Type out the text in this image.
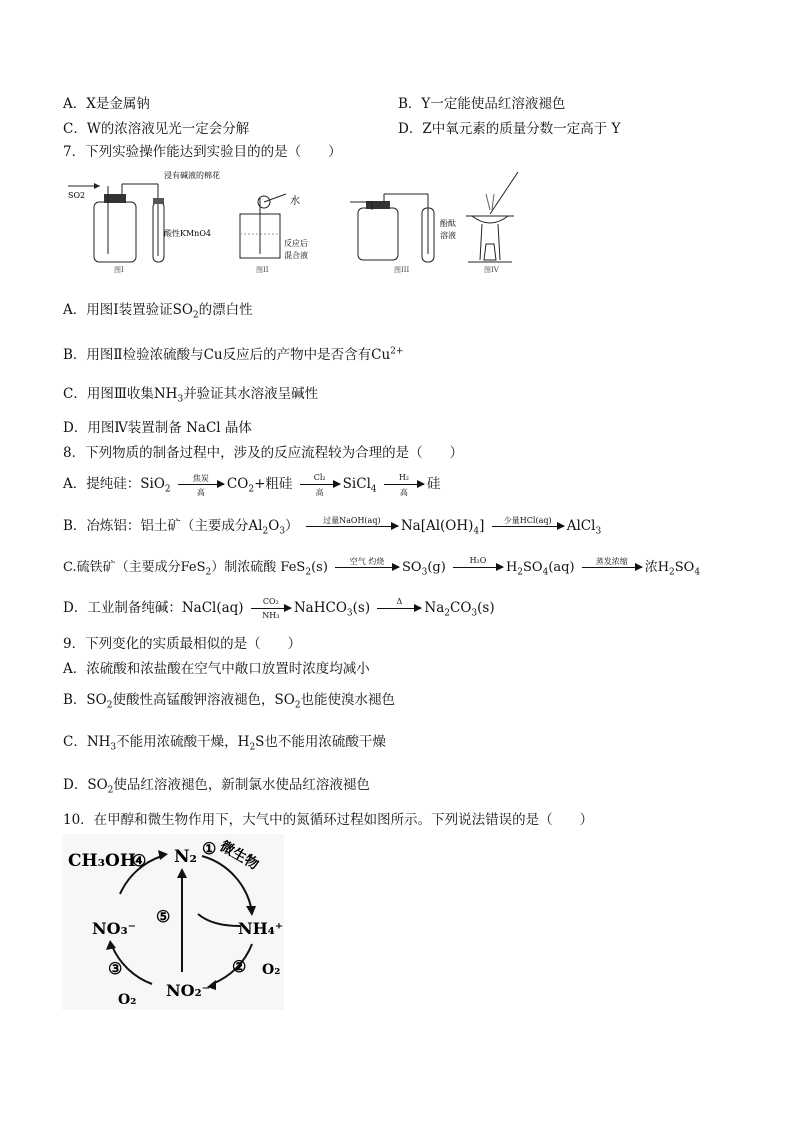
A．X是金属钠	B．Y一定能使品红溶液褪色
C．W的浓溶液见光一定会分解	D．Z中氧元素的质量分数一定高于 Y
7．下列实验操作能达到实验目的的是（　　）
SO2
浸有碱液的棉花
酸性KMnO4
图I
水
反应后
混合液
图II
酚酞
溶液
图III	图IV
A．用图Ⅰ装置验证$SO_2$的漂白性
B．用图Ⅱ检验浓硫酸与Cu反应后的产物中是否含有$Cu^{2+}$
C．用图Ⅲ收集$NH_3$并验证其水溶液呈碱性
D．用图Ⅳ装置制备 NaCl 晶体
8．下列物质的制备过程中，涉及的反应流程较为合理的是（　　）
A．提纯硅：SiO$_2$
焦炭
高
$CO_2+$粗硅	Cl₂
高
SiCl$_4$
H₂
高
硅
B．冶炼铝：铝土矿（主要成分$Al_2O_3$）	过量NaOH(aq)	$Na[Al(OH)_4]$	少量HCl(aq)	AlCl$_3$
C.硫铁矿（主要成分FeS$_2$）制浓硫酸 FeS$_2$(s)	空气 灼烧	$SO_3(g)$	H₂O	$H_2SO_4(aq)$	蒸发浓缩	浓$H_2SO_4$
D．工业制备纯碱：NaCl(aq) $\frac{\text{CO₂}}{\text{NH₃}}$ NaHCO$_3$(s)	Δ	$Na_2CO_3(s)$
9．下列变化的实质最相似的是（　　）
A．浓硫酸和浓盐酸在空气中敞口放置时浓度均减小
B．$SO_2$使酸性高锰酸钾溶液褪色，$SO_2$也能使溴水褪色
C．$NH_3$不能用浓硫酸干燥，$H_2S$也不能用浓硫酸干燥
D．$SO_2$使品红溶液褪色，新制氯水使品红溶液褪色
10．在甲醇和微生物作用下，大气中的氮循环过程如图所示。下列说法错误的是（　　）
CH₃OH N₂
NH₄⁺
NO₃⁻
NO₂⁻
O₂
O₂
① 微生物
②
③
④
⑤
